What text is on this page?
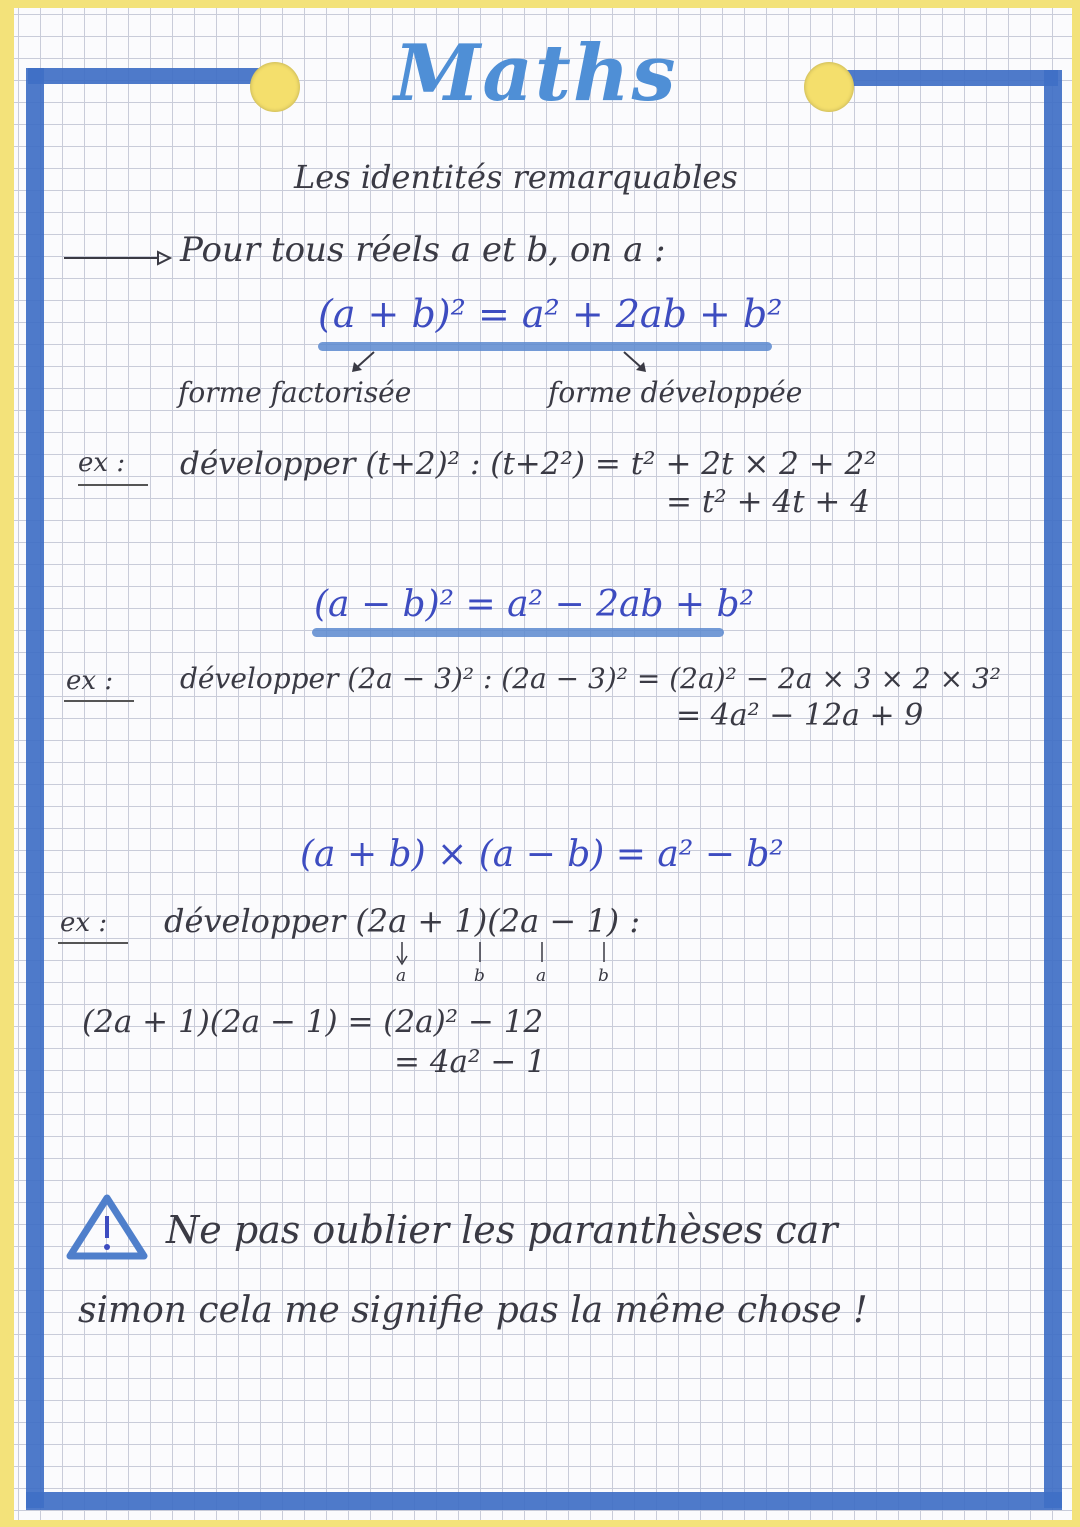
Maths
Les identités remarquables
Pour tous réels a et b, on a :
(a + b)² = a² + 2ab + b²
forme factorisée	forme développée
ex : développer (t+2)² : (t+2²) = t² + 2t × 2 + 2²
= t² + 4t + 4
(a − b)² = a² − 2ab + b²
ex : développer (2a − 3)² : (2a − 3)² = (2a)² − 2a × 3 × 2 × 3²
= 4a² − 12a + 9
(a + b) × (a − b) = a² − b²
ex : développer (2a + 1)(2a − 1) :
a	b	a	b
(2a + 1)(2a − 1) = (2a)² − 12
= 4a² − 1
Ne pas oublier les paranthèses car
simon cela me signifie pas la même chose !
